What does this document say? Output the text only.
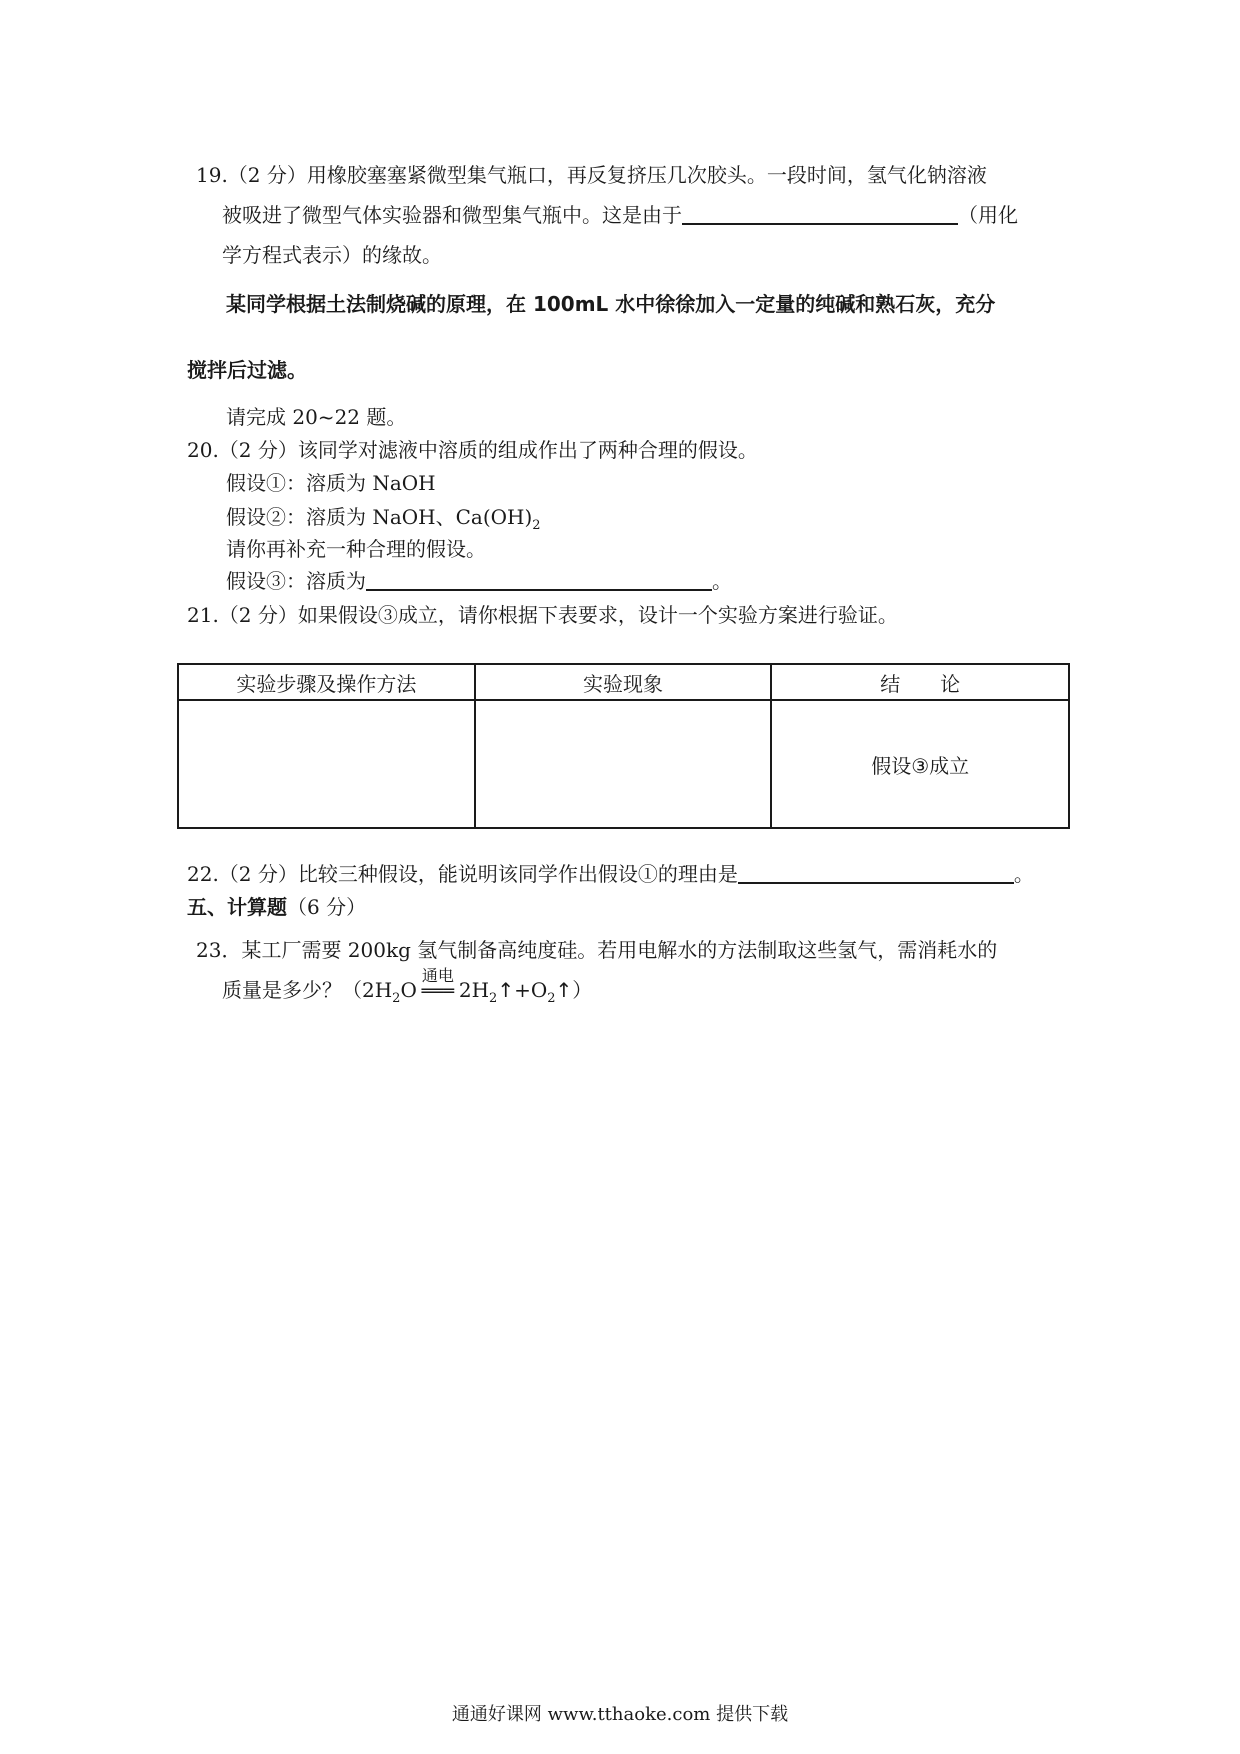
19.（2 分）用橡胶塞塞紧微型集气瓶口，再反复挤压几次胶头。一段时间，氢气化钠溶液
被吸进了微型气体实验器和微型集气瓶中。这是由于	（用化
学方程式表示）的缘故。
某同学根据土法制烧碱的原理，在 100mL 水中徐徐加入一定量的纯碱和熟石灰，充分
搅拌后过滤。
请完成 20~22 题。
20.（2 分）该同学对滤液中溶质的组成作出了两种合理的假设。
假设①：溶质为 NaOH
假设②：溶质为 NaOH、$Ca(OH)_2$
请你再补充一种合理的假设。
假设③：溶质为	。
21.（2 分）如果假设③成立，请你根据下表要求，设计一个实验方案进行验证。
实验步骤及操作方法	实验现象	结　　论
		假设③成立
22.（2 分）比较三种假设，能说明该同学作出假设①的理由是	。
五、计算题（6 分）
23．某工厂需要 200kg 氢气制备高纯度硅。若用电解水的方法制取这些氢气，需消耗水的
质量是多少？（$2H_2O$
通电
═══ $2H_2↑+O_2↑$）
通通好课网 www.tthaoke.com 提供下载
